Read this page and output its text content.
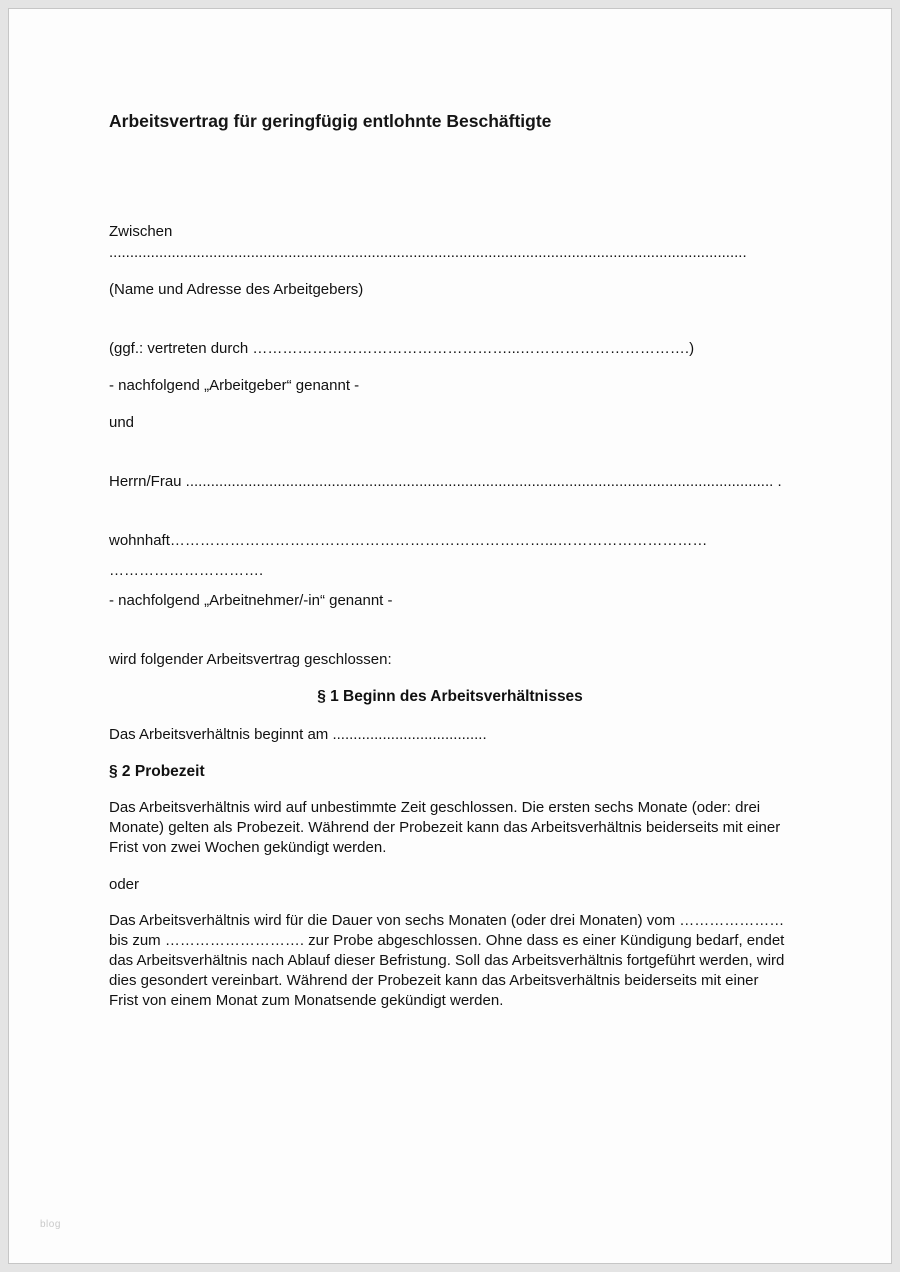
Arbeitsvertrag für geringfügig entlohnte Beschäftigte

Zwischen .........................................................................................................................................................

(Name und Adresse des Arbeitgebers)

(ggf.: vertreten durch ……………………………………………...…………………………….)

- nachfolgend „Arbeitgeber“ genannt -

und

Herrn/Frau ............................................................................................................................................. .

wohnhaft…………………………………………………………………...…………………………

………………………….

- nachfolgend „Arbeitnehmer/-in“ genannt -

wird folgender Arbeitsvertrag geschlossen:

§ 1 Beginn des Arbeitsverhältnisses

Das Arbeitsverhältnis beginnt am .....................................

§ 2 Probezeit

Das Arbeitsverhältnis wird auf unbestimmte Zeit geschlossen. Die ersten sechs Monate (oder: drei Monate) gelten als Probezeit. Während der Probezeit kann das Arbeitsverhältnis beiderseits mit einer Frist von zwei Wochen gekündigt werden.

oder

Das Arbeitsverhältnis wird für die Dauer von sechs Monaten (oder drei Monaten) vom ………………… bis zum ………………………. zur Probe abgeschlossen. Ohne dass es einer Kündigung bedarf, endet das Arbeitsverhältnis nach Ablauf dieser Befristung. Soll das Arbeitsverhältnis fortgeführt werden, wird dies gesondert vereinbart. Während der Probezeit kann das Arbeitsverhältnis beiderseits mit einer Frist von einem Monat zum Monatsende gekündigt werden.

blog
